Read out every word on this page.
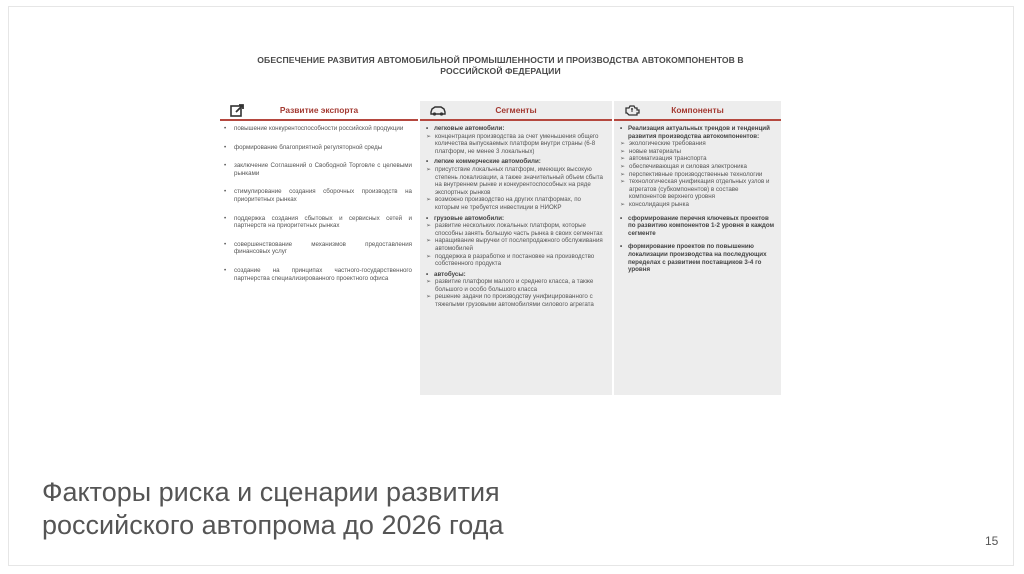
ОБЕСПЕЧЕНИЕ РАЗВИТИЯ АВТОМОБИЛЬНОЙ ПРОМЫШЛЕННОСТИ И ПРОИЗВОДСТВА АВТОКОМПОНЕНТОВ В
РОССИЙСКОЙ ФЕДЕРАЦИИ
Развитие экспорта
•	повышение конкурентоспособности российской продукции
•	формирование благоприятной регуляторной среды
•	заключение Соглашений о Свободной Торговле с целевыми рынками
•	стимулирование создания сборочных производств на приоритетных рынках
•	поддержка создания сбытовых и сервисных сетей и партнерств на приоритетных рынках
•	совершенствование механизмов предоставления финансовых услуг
•	создание на принципах частного-государственного партнерства специализированного проектного офиса
Сегменты
• легковые автомобили:
➢ концентрация производства за счет уменьшения общего количества выпускаемых платформ внутри страны (6-8 платформ, не менее 3 локальных)
• легкие коммерческие автомобили:
➢ присутствие локальных платформ, имеющих высокую степень локализации, а также значительный объем сбыта на внутреннем рынке и конкурентоспособных на ряде экспортных рынков
➢ возможно производство на других платформах, по которым не требуется инвестиции в НИОКР
• грузовые автомобили:
➢ развитие нескольких локальных платформ, которые способны занять большую часть рынка в своих сегментах
➢ наращивание выручки от послепродажного обслуживания автомобилей
➢ поддержка в разработке и постановке на производство собственного продукта
• автобусы:
➢ развитие платформ малого и среднего класса, а также большого и особо большого класса
➢ решение задачи по производству унифицированного с тяжелыми грузовыми автомобилями силового агрегата
Компоненты
• Реализация актуальных трендов и тенденций развития производства автокомпонентов:
➢ экологические требования
➢ новые материалы
➢ автоматизация транспорта
➢ обеспечивающая и силовая электроника
➢ перспективные производственные технологии
➢ технологическая унификация отдельных узлов и агрегатов (субкомпонентов) в составе компонентов верхнего уровня
➢ консолидация рынка
• сформирование перечня ключевых проектов по развитию компонентов 1-2 уровня в каждом сегменте
• формирование проектов по повышению локализации производства на последующих переделах с развитием поставщиков 3-4 го уровня
Факторы риска и сценарии развития
российского автопрома до 2026 года
15
